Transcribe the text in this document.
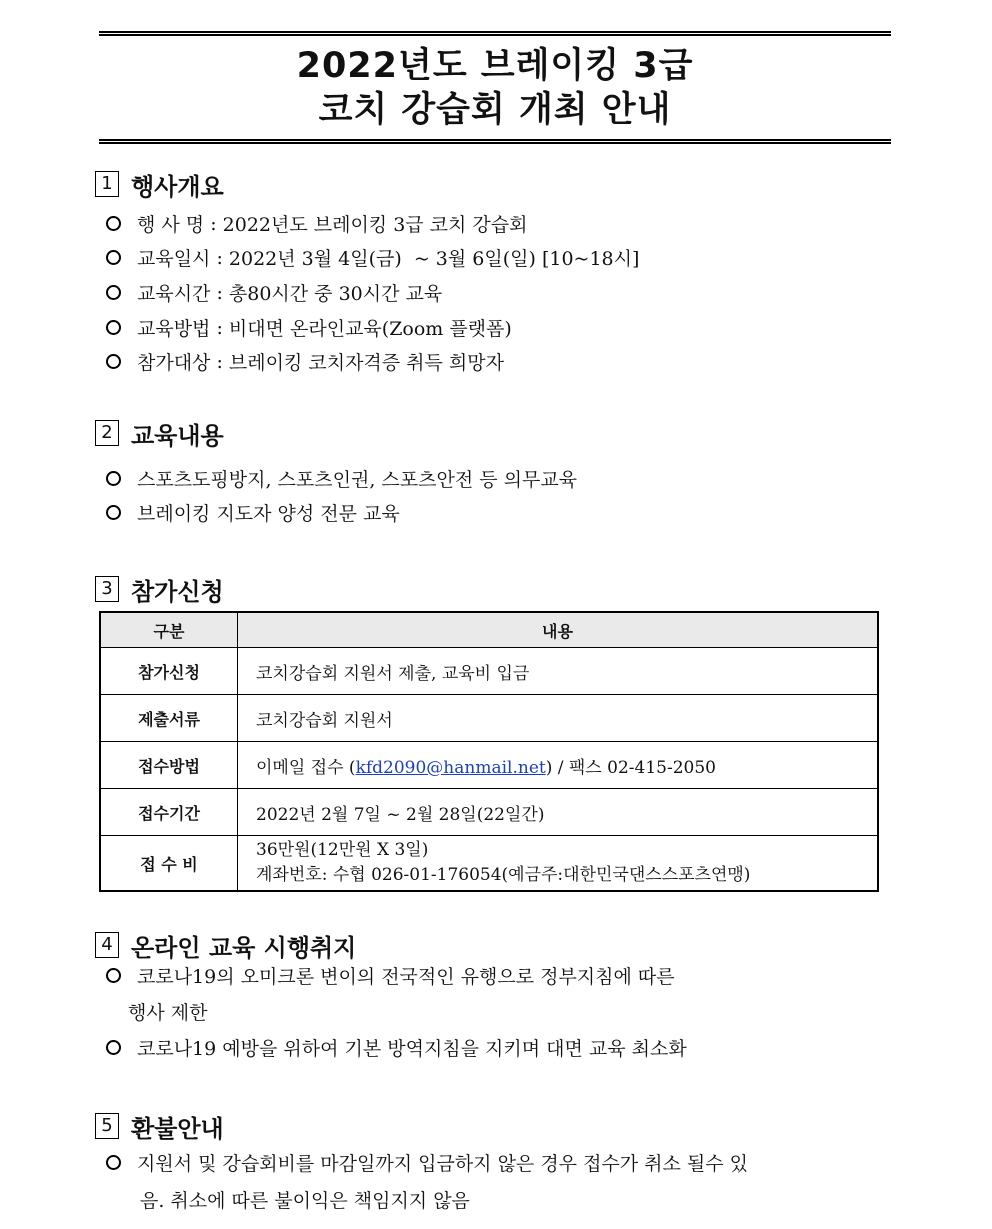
2022년도 브레이킹 3급
코치 강습회 개최 안내
1 행사개요
행 사 명 : 2022년도 브레이킹 3급 코치 강습회
교육일시 : 2022년 3월 4일(금)  ~ 3월 6일(일) [10~18시]
교육시간 : 총80시간 중 30시간 교육
교육방법 : 비대면 온라인교육(Zoom 플랫폼)
참가대상 : 브레이킹 코치자격증 취득 희망자
2 교육내용
스포츠도핑방지, 스포츠인권, 스포츠안전 등 의무교육
브레이킹 지도자 양성 전문 교육
3 참가신청
구분	내용
참가신청	코치강습회 지원서 제출, 교육비 입금
제출서류	코치강습회 지원서
접수방법	이메일 접수 (kfd2090@hanmail.net) / 팩스 02-415-2050
접수기간	2022년 2월 7일 ~ 2월 28일(22일간)
접 수 비	36만원(12만원 X 3일)
계좌번호: 수협 026-01-176054(예금주:대한민국댄스스포츠연맹)
4 온라인 교육 시행취지
코로나19의 오미크론 변이의 전국적인 유행으로 정부지침에 따른
행사 제한
코로나19 예방을 위하여 기본 방역지침을 지키며 대면 교육 최소화
5 환불안내
지원서 및 강습회비를 마감일까지 입금하지 않은 경우 접수가 취소 될수 있
음. 취소에 따른 불이익은 책임지지 않음
